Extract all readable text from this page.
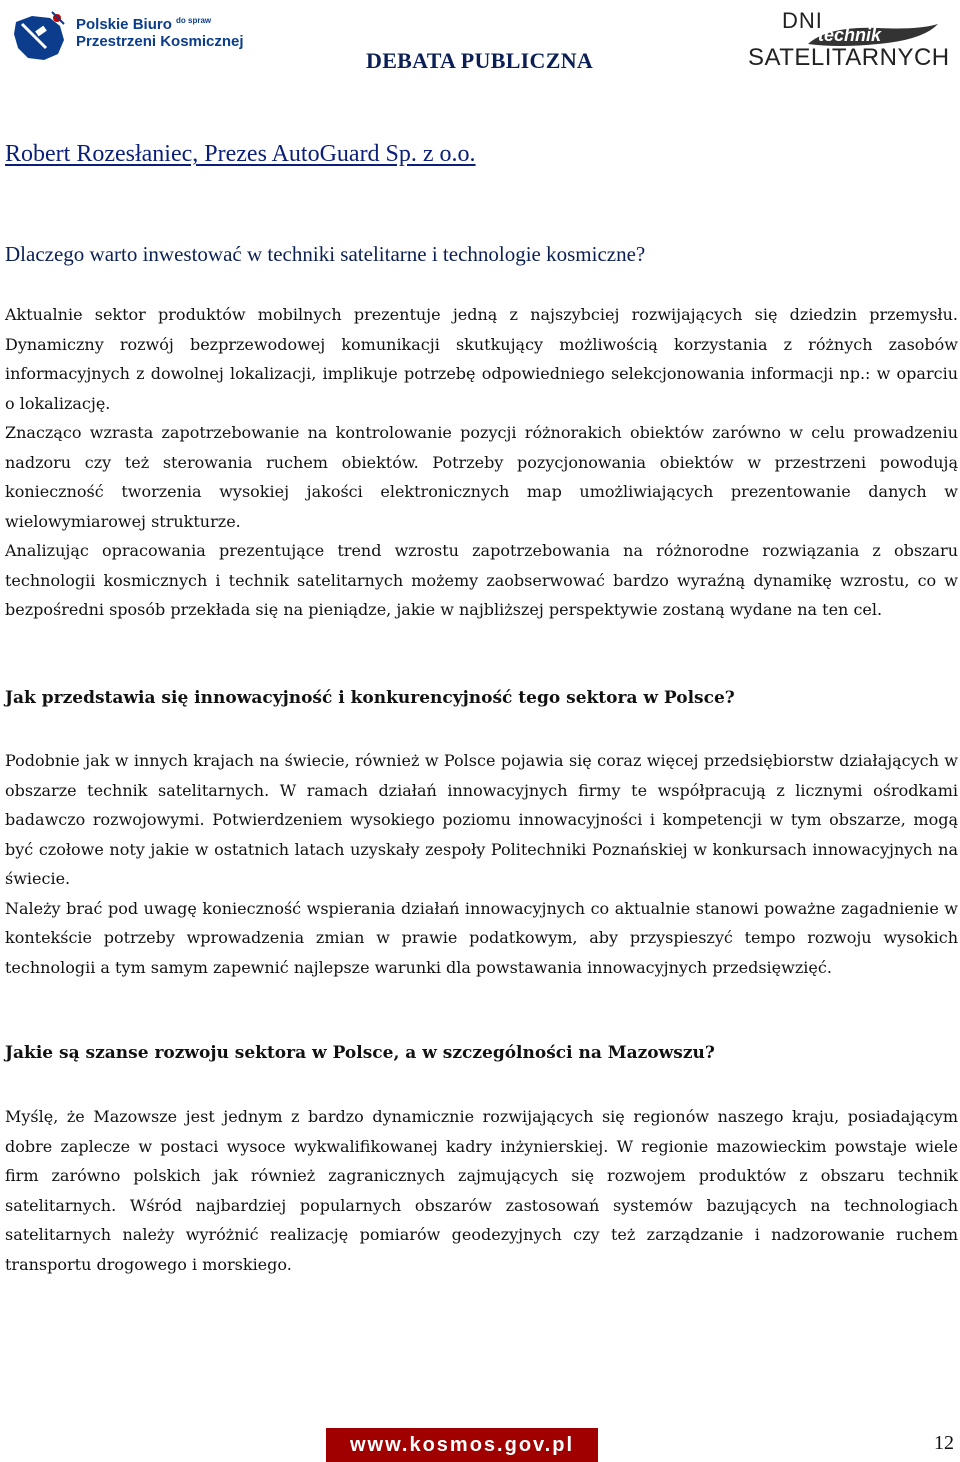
Polskie Biuro $^{do spraw}$
Przestrzeni Kosmicznej
DEBATA PUBLICZNA
DNI
technik
SATELITARNYCH
Robert Rozesłaniec, Prezes AutoGuard Sp. z o.o.
Dlaczego warto inwestować w techniki satelitarne i technologie kosmiczne?

Aktualnie sektor produktów mobilnych prezentuje jedną z najszybciej rozwijających się dziedzin przemysłu. Dynamiczny rozwój bezprzewodowej komunikacji skutkujący możliwością korzystania z różnych zasobów informacyjnych z dowolnej lokalizacji, implikuje potrzebę odpowiedniego selekcjonowania informacji np.: w oparciu o lokalizację.

Znacząco wzrasta zapotrzebowanie na kontrolowanie pozycji różnorakich obiektów zarówno w celu prowadzeniu nadzoru czy też sterowania ruchem obiektów. Potrzeby pozycjonowania obiektów w przestrzeni powodują konieczność tworzenia wysokiej jakości elektronicznych map umożliwiających prezentowanie danych w wielowymiarowej strukturze.

Analizując opracowania prezentujące trend wzrostu zapotrzebowania na różnorodne rozwiązania z obszaru technologii kosmicznych i technik satelitarnych możemy zaobserwować bardzo wyraźną dynamikę wzrostu, co w bezpośredni sposób przekłada się na pieniądze, jakie w najbliższej perspektywie zostaną wydane na ten cel.

Jak przedstawia się innowacyjność i konkurencyjność tego sektora w Polsce?

Podobnie jak w innych krajach na świecie, również w Polsce pojawia się coraz więcej przedsiębiorstw działających w obszarze technik satelitarnych. W ramach działań innowacyjnych firmy te współpracują z licznymi ośrodkami badawczo rozwojowymi. Potwierdzeniem wysokiego poziomu innowacyjności i kompetencji w tym obszarze, mogą być czołowe noty jakie w ostatnich latach uzyskały zespoły Politechniki Poznańskiej w konkursach innowacyjnych na świecie.

Należy brać pod uwagę konieczność wspierania działań innowacyjnych co aktualnie stanowi poważne zagadnienie w kontekście potrzeby wprowadzenia zmian w prawie podatkowym, aby przyspieszyć tempo rozwoju wysokich technologii a tym samym zapewnić najlepsze warunki dla powstawania innowacyjnych przedsięwzięć.

Jakie są szanse rozwoju sektora w Polsce, a w szczególności na Mazowszu?

Myślę, że Mazowsze jest jednym z bardzo dynamicznie rozwijających się regionów naszego kraju, posiadającym dobre zaplecze w postaci wysoce wykwalifikowanej kadry inżynierskiej. W regionie mazowieckim powstaje wiele firm zarówno polskich jak również zagranicznych zajmujących się rozwojem produktów z obszaru technik satelitarnych. Wśród najbardziej popularnych obszarów zastosowań systemów bazujących na technologiach satelitarnych należy wyróżnić realizację pomiarów geodezyjnych czy też zarządzanie i nadzorowanie ruchem transportu drogowego i morskiego.

www.kosmos.gov.pl	12
